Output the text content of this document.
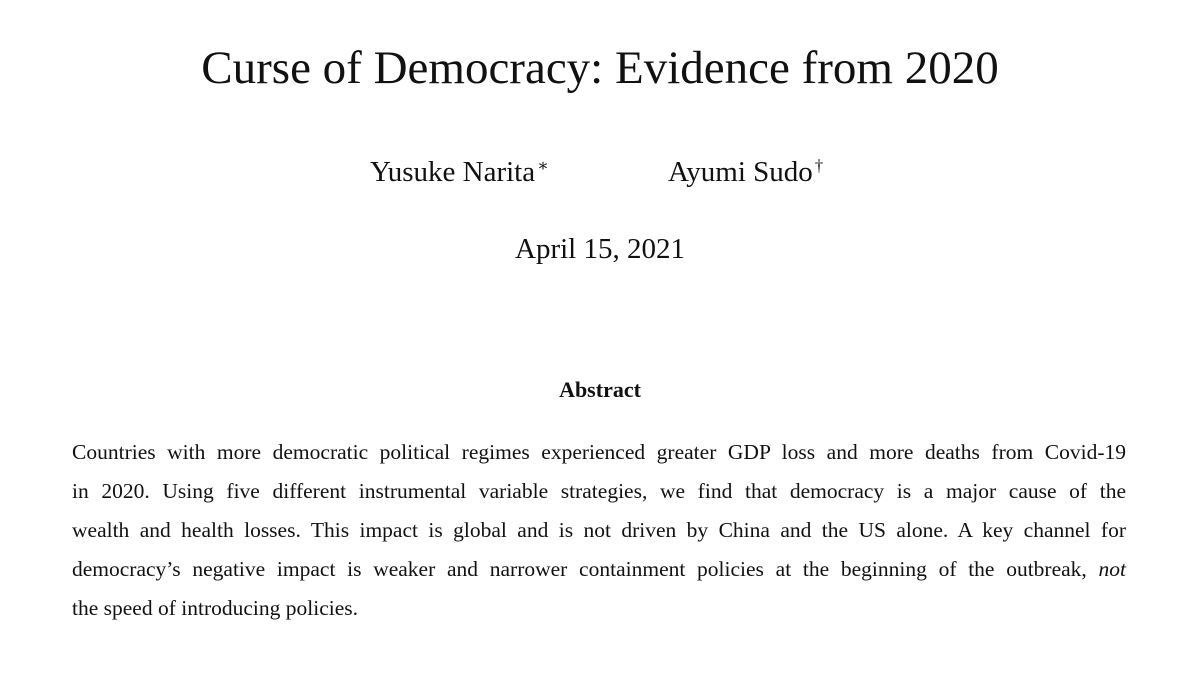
Curse of Democracy: Evidence from 2020
Yusuke Narita ∗	Ayumi Sudo †
April 15, 2021
Abstract
Countries with more democratic political regimes experienced greater GDP loss and more deaths from Covid-19
in 2020. Using five different instrumental variable strategies, we find that democracy is a major cause of the
wealth and health losses. This impact is global and is not driven by China and the US alone. A key channel for
democracy’s negative impact is weaker and narrower containment policies at the beginning of the outbreak, not
the speed of introducing policies.
